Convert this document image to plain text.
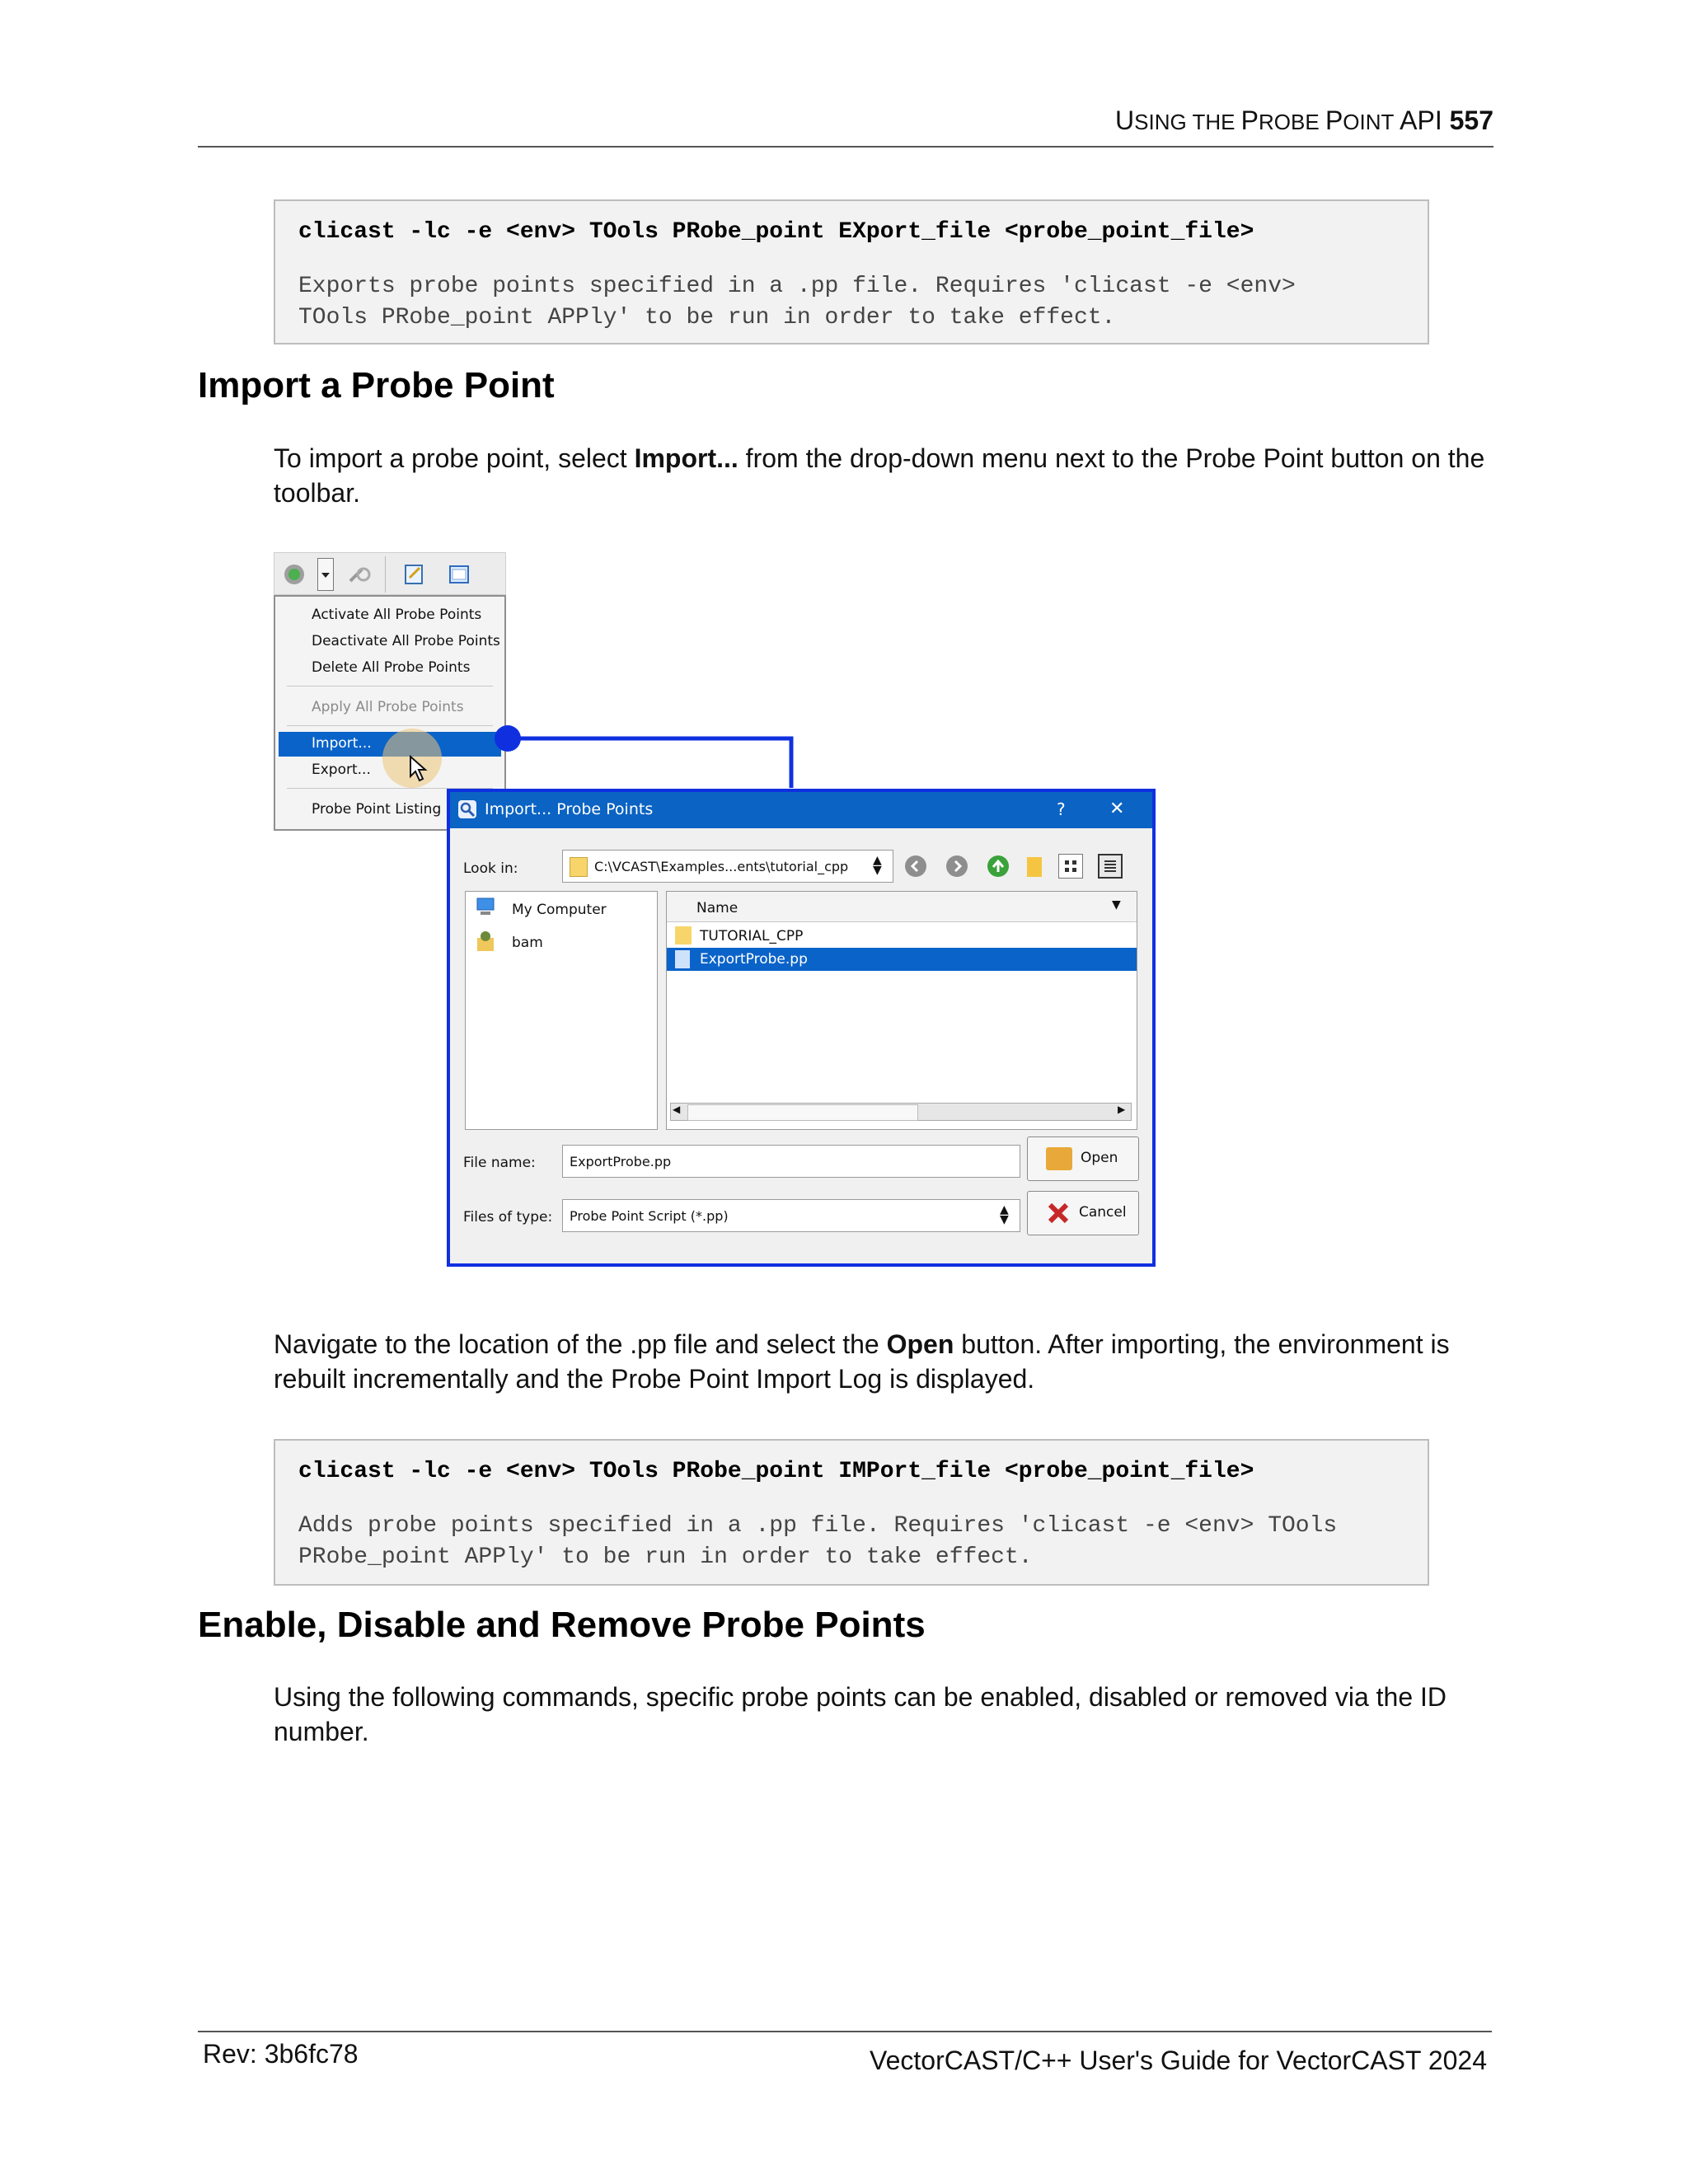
USING THE PROBE POINT API 557
clicast -lc -e <env> TOols PRobe_point EXport_file <probe_point_file>
Exports probe points specified in a .pp file. Requires 'clicast -e <env>
TOols PRobe_point APPly' to be run in order to take effect.
Import a Probe Point
To import a probe point, select Import... from the drop-down menu next to the Probe Point button on the
toolbar.
Activate All Probe Points
Deactivate All Probe Points
Delete All Probe Points
Apply All Probe Points
Import...
Export...
Probe Point Listing	Import... Probe Points	? ✕
Look in:	C:\VCAST\Examples...ents\tutorial_cpp ▲
▼
My Computer
bam
Name	▼
TUTORIAL_CPP
ExportProbe.pp
◀	▶
File name:	ExportProbe.pp	Open
Files of type: Probe Point Script (*.pp)	▲
▼	Cancel
Navigate to the location of the .pp file and select the Open button. After importing, the environment is
rebuilt incrementally and the Probe Point Import Log is displayed.
clicast -lc -e <env> TOols PRobe_point IMPort_file <probe_point_file>
Adds probe points specified in a .pp file. Requires 'clicast -e <env> TOols
PRobe_point APPly' to be run in order to take effect.
Enable, Disable and Remove Probe Points
Using the following commands, specific probe points can be enabled, disabled or removed via the ID
number.
Rev: 3b6fc78	VectorCAST/C++ User's Guide for VectorCAST 2024
